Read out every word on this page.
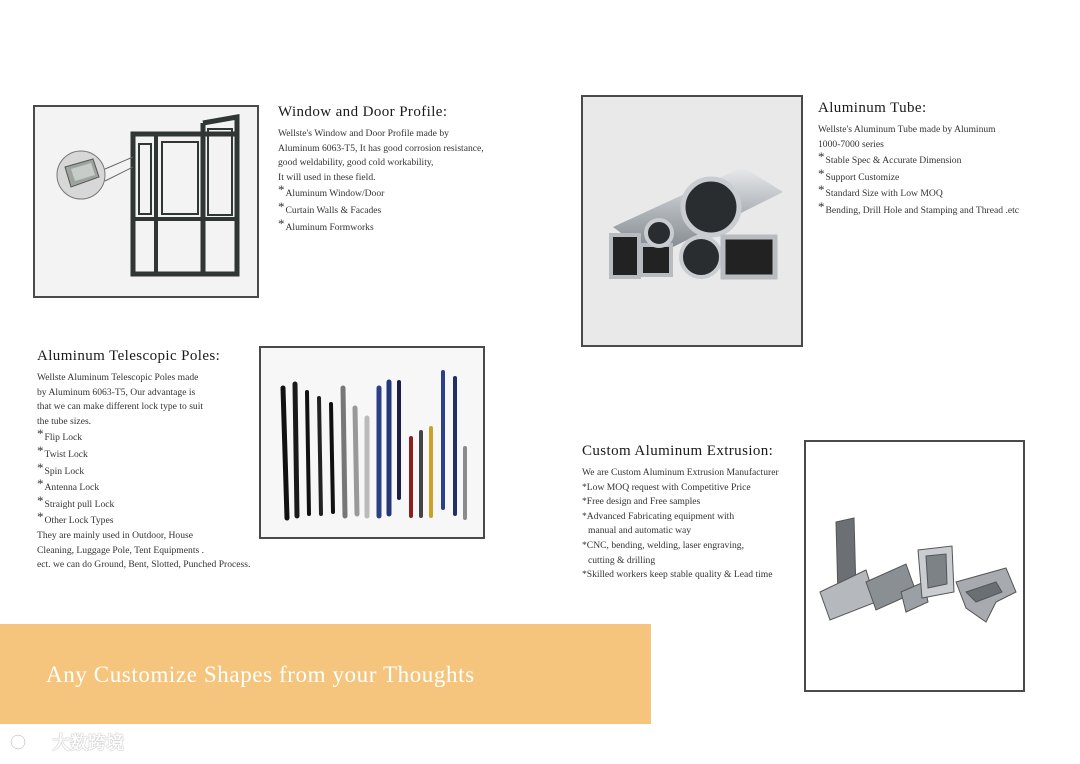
Window and Door Profile:
Wellste's Window and Door Profile made by
Aluminum 6063-T5, It has good corrosion resistance,
good weldability, good cold workability,
It will used in these field.
* Aluminum Window/Door
* Curtain Walls & Facades
* Aluminum Formworks
Aluminum Tube:
Wellste's Aluminum Tube made by Aluminum
1000-7000 series
* Stable Spec & Accurate Dimension
* Support Customize
* Standard Size with Low MOQ
* Bending, Drill Hole and Stamping and Thread .etc
Aluminum Telescopic Poles:
Wellste Aluminum Telescopic Poles made
by Aluminum 6063-T5, Our advantage is
that we can make different lock type to suit
the tube sizes.
* Flip Lock
* Twist Lock
* Spin Lock
* Antenna Lock
* Straight pull Lock
* Other Lock Types
They are mainly used in Outdoor, House
Cleaning, Luggage Pole, Tent Equipments .
ect. we can do Ground, Bent, Slotted, Punched Process.
Custom Aluminum Extrusion:
We are Custom Aluminum Extrusion Manufacturer
*Low MOQ request with Competitive Price
*Free design and Free samples
*Advanced Fabricating equipment with
manual and automatic way
*CNC, bending, welding, laser engraving,
cutting & drilling
*Skilled workers keep stable quality & Lead time
Any Customize Shapes from your Thoughts
大数跨境
